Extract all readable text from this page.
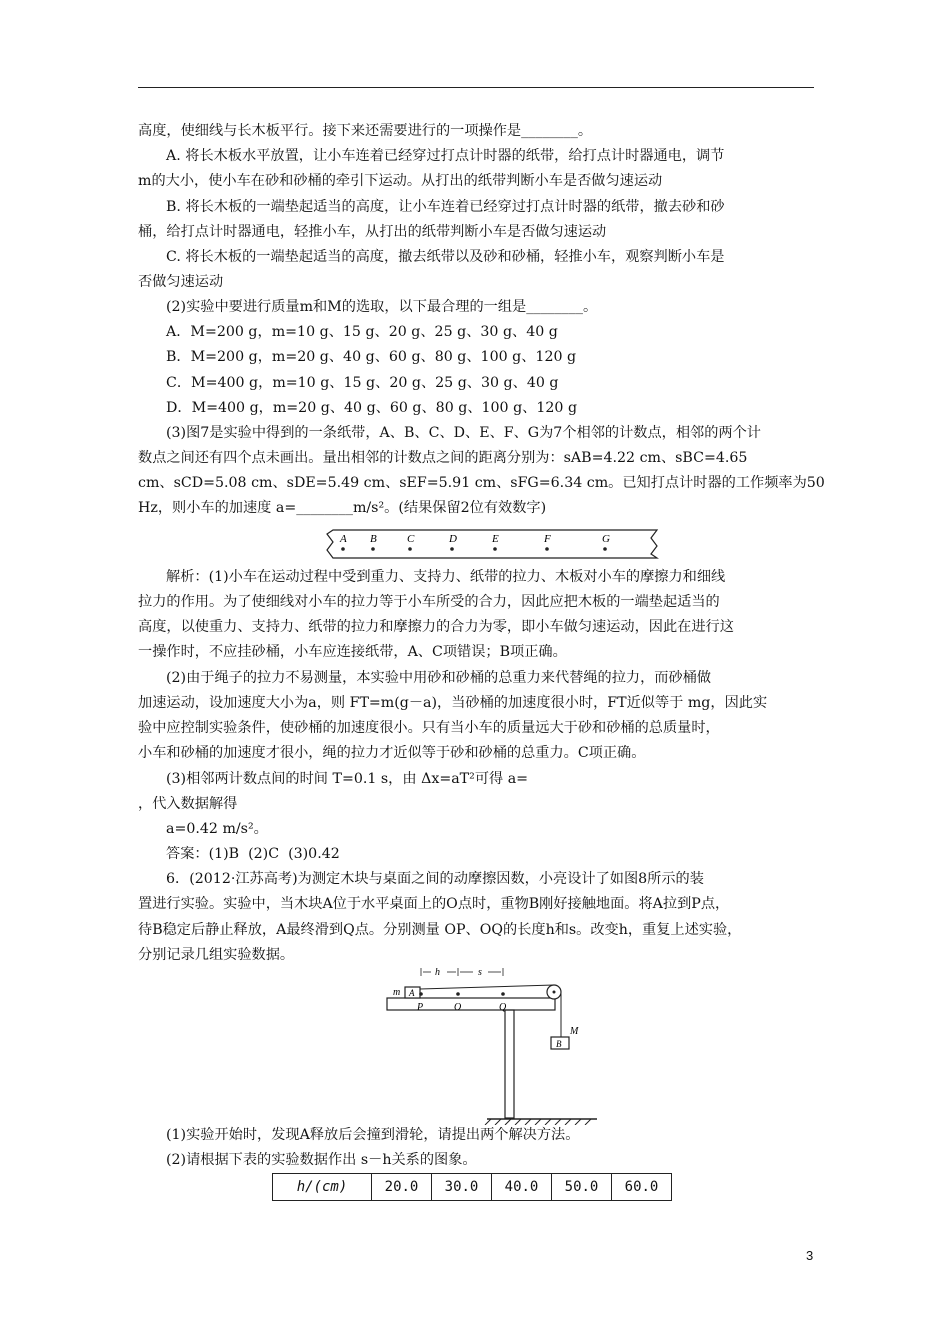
高度，使细线与长木板平行。接下来还需要进行的一项操作是________。
A. 将长木板水平放置，让小车连着已经穿过打点计时器的纸带，给打点计时器通电，调节
m的大小，使小车在砂和砂桶的牵引下运动。从打出的纸带判断小车是否做匀速运动
B. 将长木板的一端垫起适当的高度，让小车连着已经穿过打点计时器的纸带，撤去砂和砂
桶，给打点计时器通电，轻推小车，从打出的纸带判断小车是否做匀速运动
C. 将长木板的一端垫起适当的高度，撤去纸带以及砂和砂桶，轻推小车，观察判断小车是
否做匀速运动
(2)实验中要进行质量m和M的选取，以下最合理的一组是________。
A．M=200 g，m=10 g、15 g、20 g、25 g、30 g、40 g
B．M=200 g，m=20 g、40 g、60 g、80 g、100 g、120 g
C．M=400 g，m=10 g、15 g、20 g、25 g、30 g、40 g
D．M=400 g，m=20 g、40 g、60 g、80 g、100 g、120 g
(3)图7是实验中得到的一条纸带，A、B、C、D、E、F、G为7个相邻的计数点，相邻的两个计
数点之间还有四个点未画出。量出相邻的计数点之间的距离分别为：sAB=4.22 cm、sBC=4.65
cm、sCD=5.08 cm、sDE=5.49 cm、sEF=5.91 cm、sFG=6.34 cm。已知打点计时器的工作频率为50
Hz，则小车的加速度 a=________m/s²。(结果保留2位有效数字)
解析：(1)小车在运动过程中受到重力、支持力、纸带的拉力、木板对小车的摩擦力和细线
拉力的作用。为了使细线对小车的拉力等于小车所受的合力，因此应把木板的一端垫起适当的
高度，以使重力、支持力、纸带的拉力和摩擦力的合力为零，即小车做匀速运动，因此在进行这
一操作时，不应挂砂桶，小车应连接纸带，A、C项错误；B项正确。
(2)由于绳子的拉力不易测量，本实验中用砂和砂桶的总重力来代替绳的拉力，而砂桶做
加速运动，设加速度大小为a，则 FT=m(g－a)，当砂桶的加速度很小时，FT近似等于 mg，因此实
验中应控制实验条件，使砂桶的加速度很小。只有当小车的质量远大于砂和砂桶的总质量时，
小车和砂桶的加速度才很小，绳的拉力才近似等于砂和砂桶的总重力。C项正确。
(3)相邻两计数点间的时间 T=0.1 s，由 Δx=aT²可得 a=
，代入数据解得
a=0.42 m/s²。
答案：(1)B  (2)C  (3)0.42
6．(2012·江苏高考)为测定木块与桌面之间的动摩擦因数，小亮设计了如图8所示的装
置进行实验。实验中，当木块A位于水平桌面上的O点时，重物B刚好接触地面。将A拉到P点，
待B稳定后静止释放，A最终滑到Q点。分别测量 OP、OQ的长度h和s。改变h，重复上述实验，
分别记录几组实验数据。
(1)实验开始时，发现A释放后会撞到滑轮，请提出两个解决方法。
(2)请根据下表的实验数据作出 s－h关系的图象。
A B	C	D	E	F	G
m
h	s
A
P	O	Q
M
B
h/(cm)	20.0	30.0	40.0	50.0	60.0
3
